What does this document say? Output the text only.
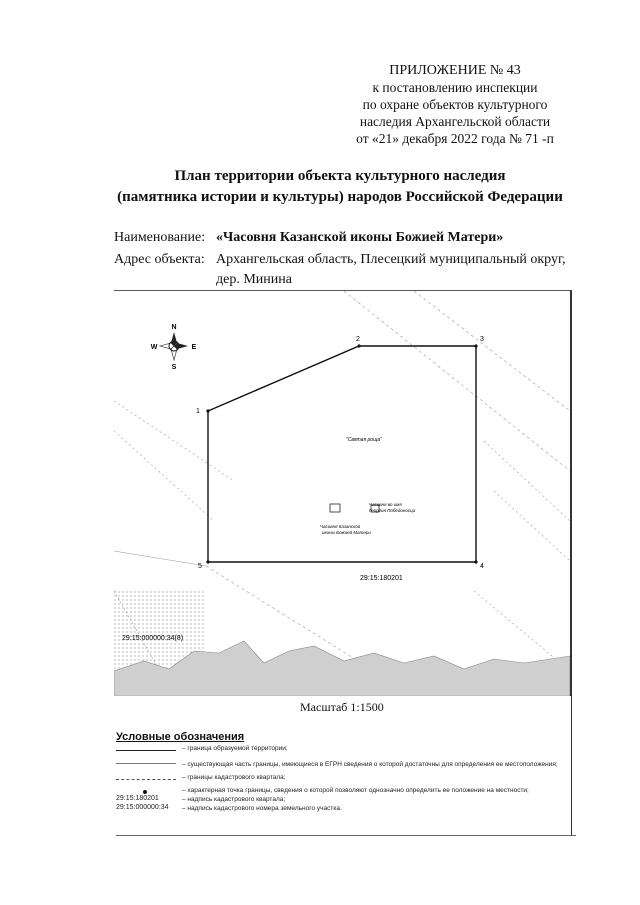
ПРИЛОЖЕНИЕ № 43
к постановлению инспекции
по охране объектов культурного
наследия Архангельской области
от «21» декабря 2022 года № 71 -п
План территории объекта культурного наследия
(памятника истории и культуры) народов Российской Федерации
Наименование: «Часовня Казанской иконы Божией Матери»
Адрес объекта: Архангельская область, Плесецкий муниципальный округ,
дер. Минина
N
S
W	E
1
2	3
4
5
"Святая роща"
Часовня во имя
Георгия Победоносца
Часовня Казанской
иконы Божией Матери
29:15:180201
29:15:000000:34(8)
Масштаб 1:1500
Условные обозначения
– граница образуемой территории;
– существующая часть границы, имеющиеся в ЕГРН сведения о которой достаточны для определения ее местоположения;
– границы кадастрового квартала;
– характерная точка границы, сведения о которой позволяют однозначно определить ее положение на местности;
29:15:180201	– надпись кадастрового квартала;
29:15:000000:34	– надпись кадастрового номера земельного участка.
